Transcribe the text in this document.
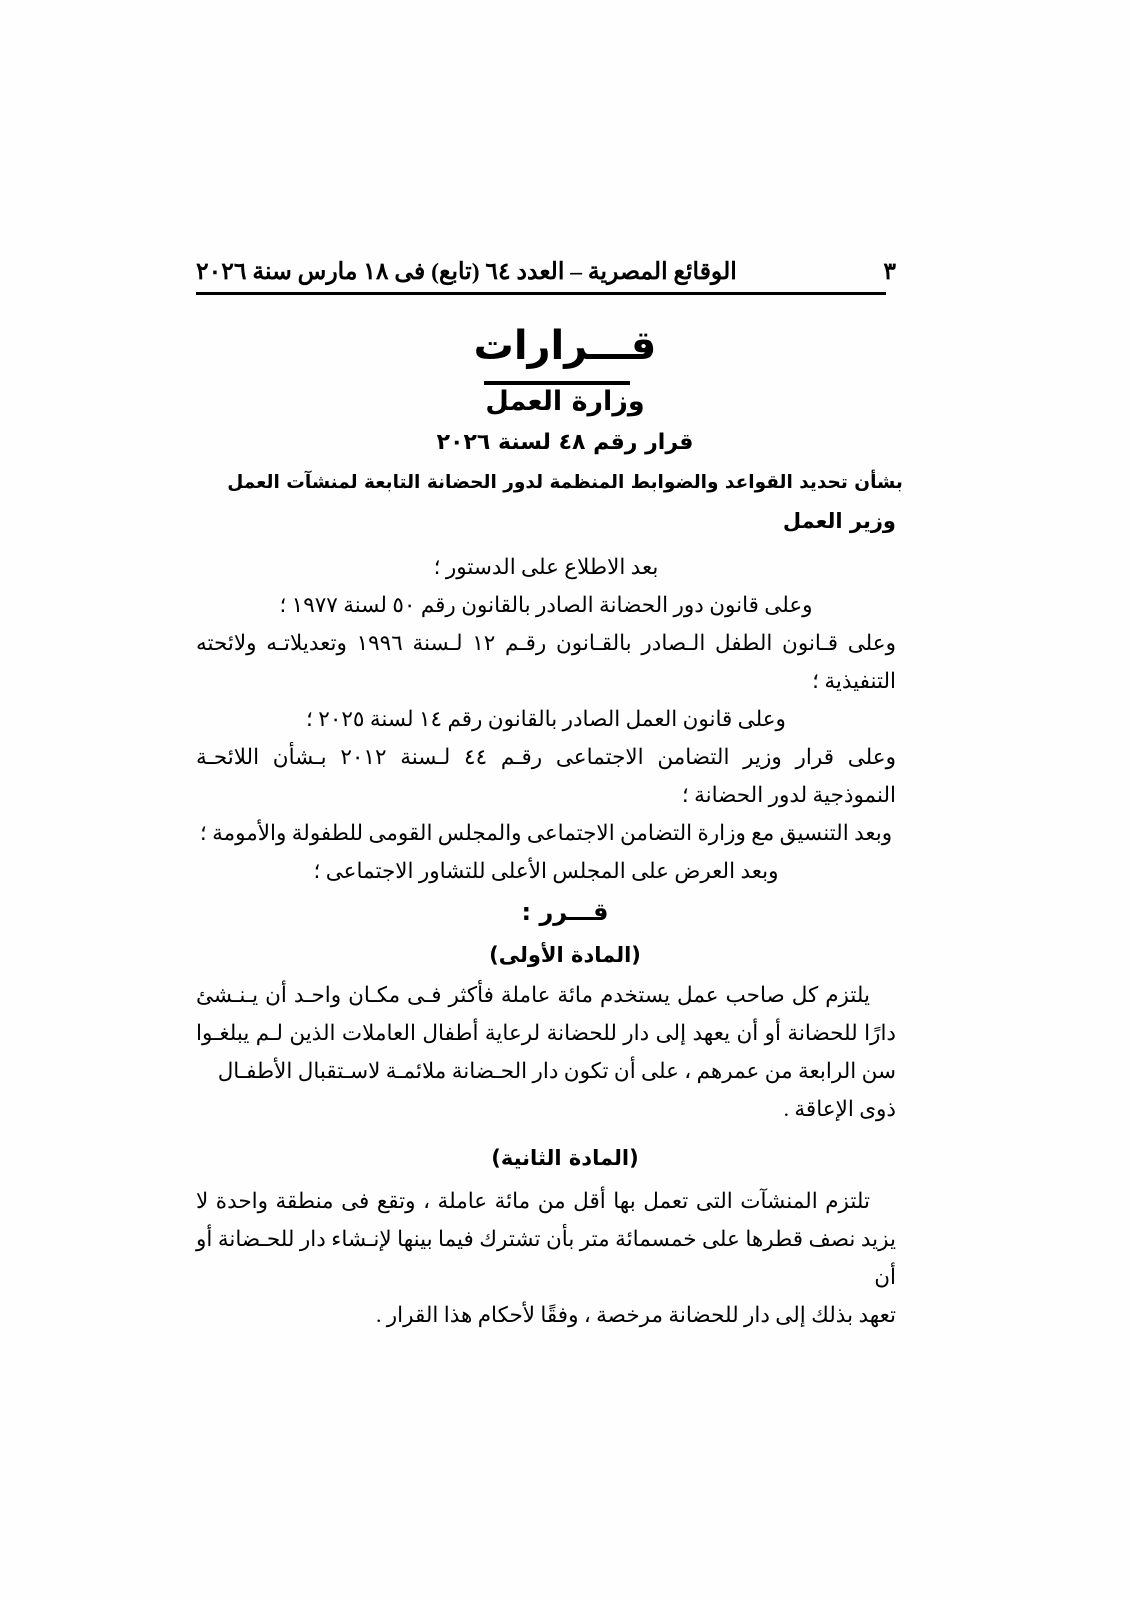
الوقائع المصرية – العدد ٦٤ (تابع) فى ١٨ مارس سنة ٢٠٢٦	٣
قـــرارات
وزارة العمل
قرار رقم ٤٨ لسنة ٢٠٢٦
بشأن تحديد القواعد والضوابط المنظمة لدور الحضانة التابعة لمنشآت العمل
وزير العمل

بعد الاطلاع على الدستور ؛

وعلى قانون دور الحضانة الصادر بالقانون رقم ٥٠ لسنة ١٩٧٧ ؛

وعلى قـانون الطفل الـصادر بالقـانون رقـم ١٢ لـسنة ١٩٩٦ وتعديلاتـه ولائحته التنفيذية ؛

وعلى قانون العمل الصادر بالقانون رقم ١٤ لسنة ٢٠٢٥ ؛

وعلى قرار وزير التضامن الاجتماعى رقـم ٤٤ لـسنة ٢٠١٢ بـشأن اللائحـة النموذجية لدور الحضانة ؛

وبعد التنسيق مع وزارة التضامن الاجتماعى والمجلس القومى للطفولة والأمومة ؛

وبعد العرض على المجلس الأعلى للتشاور الاجتماعى ؛

قـــرر :
(المادة الأولى)

يلتزم كل صاحب عمل يستخدم مائة عاملة فأكثر فـى مكـان واحـد أن يـنـشئ دارًا للحضانة أو أن يعهد إلى دار للحضانة لرعاية أطفال العاملات الذين لـم يبلغـوا سن الرابعة من عمرهم ، على أن تكون دار الحـضانة ملائمـة لاسـتقبال الأطفـال
ذوى الإعاقة .

(المادة الثانية)

تلتزم المنشآت التى تعمل بها أقل من مائة عاملة ، وتقع فى منطقة واحدة لا يزيد نصف قطرها على خمسمائة متر بأن تشترك فيما بينها لإنـشاء دار للحـضانة أو أن
تعهد بذلك إلى دار للحضانة مرخصة ، وفقًا لأحكام هذا القرار .
